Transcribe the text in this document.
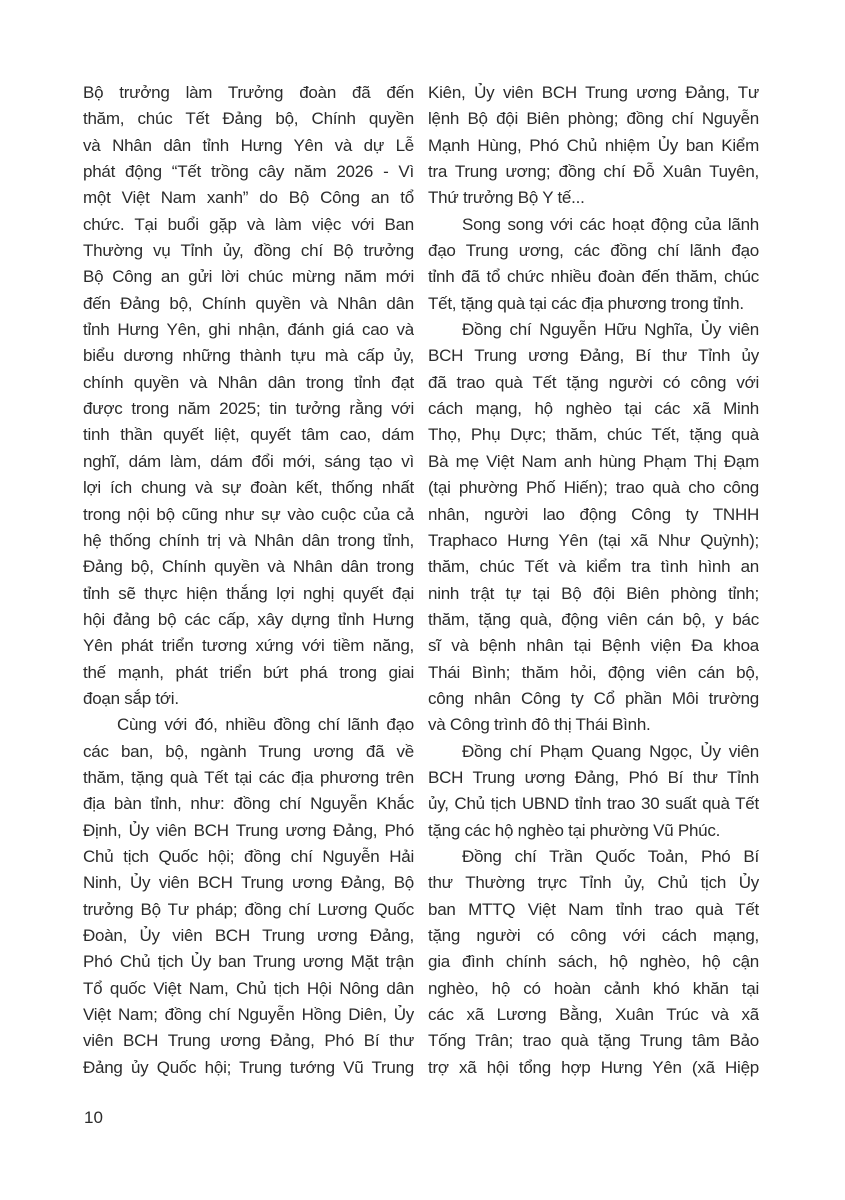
Bộ trưởng làm Trưởng đoàn đã đến
thăm, chúc Tết Đảng bộ, Chính quyền
và Nhân dân tỉnh Hưng Yên và dự Lễ
phát động “Tết trồng cây năm 2026 - Vì
một Việt Nam xanh” do Bộ Công an tổ
chức. Tại buổi gặp và làm việc với Ban
Thường vụ Tỉnh ủy, đồng chí Bộ trưởng
Bộ Công an gửi lời chúc mừng năm mới
đến Đảng bộ, Chính quyền và Nhân dân
tỉnh Hưng Yên, ghi nhận, đánh giá cao và
biểu dương những thành tựu mà cấp ủy,
chính quyền và Nhân dân trong tỉnh đạt
được trong năm 2025; tin tưởng rằng với
tinh thần quyết liệt, quyết tâm cao, dám
nghĩ, dám làm, dám đổi mới, sáng tạo vì
lợi ích chung và sự đoàn kết, thống nhất
trong nội bộ cũng như sự vào cuộc của cả
hệ thống chính trị và Nhân dân trong tỉnh,
Đảng bộ, Chính quyền và Nhân dân trong
tỉnh sẽ thực hiện thắng lợi nghị quyết đại
hội đảng bộ các cấp, xây dựng tỉnh Hưng
Yên phát triển tương xứng với tiềm năng,
thế mạnh, phát triển bứt phá trong giai
đoạn sắp tới.
Cùng với đó, nhiều đồng chí lãnh đạo
các ban, bộ, ngành Trung ương đã về
thăm, tặng quà Tết tại các địa phương trên
địa bàn tỉnh, như: đồng chí Nguyễn Khắc
Định, Ủy viên BCH Trung ương Đảng, Phó
Chủ tịch Quốc hội; đồng chí Nguyễn Hải
Ninh, Ủy viên BCH Trung ương Đảng, Bộ
trưởng Bộ Tư pháp; đồng chí Lương Quốc
Đoàn, Ủy viên BCH Trung ương Đảng,
Phó Chủ tịch Ủy ban Trung ương Mặt trận
Tổ quốc Việt Nam, Chủ tịch Hội Nông dân
Việt Nam; đồng chí Nguyễn Hồng Diên, Ủy
viên BCH Trung ương Đảng, Phó Bí thư
Đảng ủy Quốc hội; Trung tướng Vũ Trung
Kiên, Ủy viên BCH Trung ương Đảng, Tư
lệnh Bộ đội Biên phòng; đồng chí Nguyễn
Mạnh Hùng, Phó Chủ nhiệm Ủy ban Kiểm
tra Trung ương; đồng chí Đỗ Xuân Tuyên,
Thứ trưởng Bộ Y tế...
Song song với các hoạt động của lãnh
đạo Trung ương, các đồng chí lãnh đạo
tỉnh đã tổ chức nhiều đoàn đến thăm, chúc
Tết, tặng quà tại các địa phương trong tỉnh.
Đồng chí Nguyễn Hữu Nghĩa, Ủy viên
BCH Trung ương Đảng, Bí thư Tỉnh ủy
đã trao quà Tết tặng người có công với
cách mạng, hộ nghèo tại các xã Minh
Thọ, Phụ Dực; thăm, chúc Tết, tặng quà
Bà mẹ Việt Nam anh hùng Phạm Thị Đạm
(tại phường Phố Hiến); trao quà cho công
nhân, người lao động Công ty TNHH
Traphaco Hưng Yên (tại xã Như Quỳnh);
thăm, chúc Tết và kiểm tra tình hình an
ninh trật tự tại Bộ đội Biên phòng tỉnh;
thăm, tặng quà, động viên cán bộ, y bác
sĩ và bệnh nhân tại Bệnh viện Đa khoa
Thái Bình; thăm hỏi, động viên cán bộ,
công nhân Công ty Cổ phần Môi trường
và Công trình đô thị Thái Bình.
Đồng chí Phạm Quang Ngọc, Ủy viên
BCH Trung ương Đảng, Phó Bí thư Tỉnh
ủy, Chủ tịch UBND tỉnh trao 30 suất quà Tết
tặng các hộ nghèo tại phường Vũ Phúc.
Đồng chí Trần Quốc Toản, Phó Bí
thư Thường trực Tỉnh ủy, Chủ tịch Ủy
ban MTTQ Việt Nam tỉnh trao quà Tết
tặng người có công với cách mạng,
gia đình chính sách, hộ nghèo, hộ cận
nghèo, hộ có hoàn cảnh khó khăn tại
các xã Lương Bằng, Xuân Trúc và xã
Tống Trân; trao quà tặng Trung tâm Bảo
trợ xã hội tổng hợp Hưng Yên (xã Hiệp
10
